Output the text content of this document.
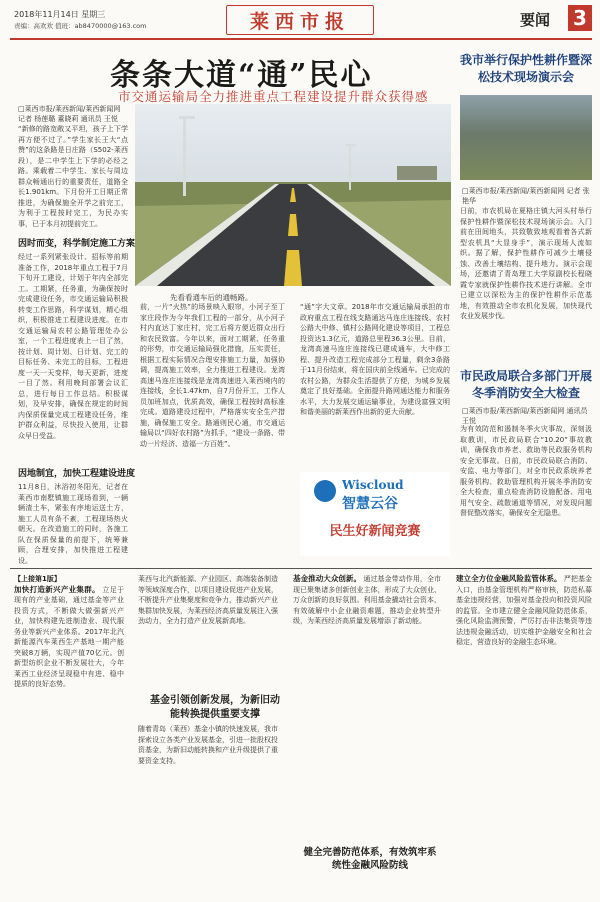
2018年11月14日 星期三
责编：高欢欢 值班：ab8470000@163.com	莱西市报	要闻 3
条条大道“通”民心
市交通运输局全力推进重点工程建设提升群众获得感
□莱西市报/莱西新闻/莱西新闻网 记者 杨莲璐 董晓莉 通讯员 王悦
“新修的路宽敞又平坦，孩子上下学再方便不过了。”学生家长王大“点赞”的这条路是日庄路（S502-莱西段），是二中学生上下学的必经之路。乘载着二中学生、家长与周边群众畅通出行的重要责任，道路全长1.901km。下月份开工日期正常推进，为确保施全开学之前完工，为利于工程按时完工，为民办实事，已于本月初提前完工。
因时而变，科学制定施工方案
经过一系列紧张设计、招标等前期准备工作，2018年重点工程于7月下旬开工建设，计划于年内全部完工。工期紧，任务重，为确保按时完成建设任务，市交通运输局积极转变工作思路，科学谋划，精心组织，积极推进工程建设进度。在市交通运输局农村公路管理处办公室，一个工程进度表上一目了然，按计划、周计划、日计划、完工的目标任务、未完工的目标，工程进度一天一天变样，每天更新，进度一目了然。利用晚间部署会议汇总，进行每日工作总结。积极谋划，及早安排，确保在规定的时间内保质保量完成工程建设任务，维护群众利益，尽快投入使用，让群众早日受益。
因地制宜，加快工程建设进度
11月8日，沐浴初冬阳光，记者在莱西市南墅镇施工现场看到，一辆辆渣土车，紧张有序地运送土方，施工人员有条不紊，工程现场热火朝天。在改造施工的同时，各施工队在保质保量的前提下，统筹兼顾，合理安排，加快推进工程建设。
先看看通车后的通畅路。
前，一片“火热”的场景映入眼帘，小河子至丁家庄段作为今年我们工程的一部分，从小河子村内直达丁家庄村，完工后将方便近群众出行和农民致富。今年以来，面对工期紧、任务重的形势，市交通运输局强化措施，压实责任，根据工程实际情况合理安排施工力量，加强协调，提高施工效率，全力推进工程建设。龙湾高速马连庄连接线是龙湾高速进入莱西境内的连接线，全长1.47km，自7月份开工，工作人员加班加点，优质高效，确保工程按时高标准完成。道路建设过程中，严格落实安全生产措施，确保施工安全。路通则民心通，市交通运输局以“四好农村路”为抓手，“建设一条路、带动一片经济、造福一方百姓”。
“通”字大文章。2018年市交通运输局承担的市政府重点工程在线支路通达马连庄连接线、农村公路大中修、镇村公路网化建设等项目，工程总投资达1.3亿元，道路总里程36.3公里。目前，龙湾高速马连庄连接线已建成通车，大中修工程、提升改造工程完成部分工程量，剩余3条路于11月份结束，将在国庆前全线通车。已完成的农村公路，为群众生活提供了方便，为城乡发展奠定了良好基础。全面提升路网通达能力和服务水平，大力发展交通运输事业，为建设富强文明和谐美丽的新莱西作出新的更大贡献。
Wiscloud
智慧云谷
民生好新闻竞赛
我市举行保护性耕作暨深松技术现场演示会
□莱西市报/莱西新闻/莱西新闻网 记者 张艳华
日前，市农机局在夏格庄镇大河头村举行保护性耕作暨深松技术现场演示会。入门前在田间地头，共致敬致地观看着各式新型农机具“大显身手”，演示现场人流如织。据了解，保护性耕作可减少土壤侵蚀、改善土壤结构、提升地力。演示会现场，还邀请了青岛理工大学原副校长程晓霞专家就保护性耕作技术进行讲解。全市已建立以深松为主的保护性耕作示范基地，有效推动全市农机化发展，加快现代农业发展步伐。
市民政局联合多部门开展冬季消防安全大检查
□莱西市报/莱西新闻/莱西新闻网 通讯员 王悦
为有效防范和遏制冬季火灾事故，深刻汲取教训，市民政局联合“10.20”事故教训，确保我市养老、救助等民政服务机构安全无事故。日前，市民政局联合消防、安监、电力等部门，对全市民政系统养老服务机构、救助管理机构开展冬季消防安全大检查，重点检查消防设施配备、用电用气安全、疏散通道等情况，对发现问题督促整改落实，确保安全无隐患。
【上接第1版】
加快打造新兴产业集群。 立足于现有的产业基础，通过基金等产业投资方式，不断做大做强新兴产业，加快构建先进制造业、现代服务业等新兴产业体系。2017年北汽新能源汽车莱西生产基地一期产能突破8万辆，实现产值70亿元。创新型纺织企业不断发展壮大，今年莱西工业经济呈现稳中有进、稳中提质的良好态势。
莱西与北汽新能源、产业园区、高端装备制造等领域深度合作，以项目建设促进产业发展，不断提升产业集聚度和竞争力，推动新兴产业集群加快发展，为莱西经济高质量发展注入强劲动力，全力打造产业发展新高地。
基金引领创新发展，为新旧动能转换提供重要支撑
随着青岛（莱西）基金小镇的快速发展，我市探索设立各类产业发展基金，引进一批股权投资基金，为新旧动能转换和产业升级提供了重要资金支持。
基金推动大众创新。 通过基金带动作用，全市现已聚集诸多创新创业主体，形成了大众创业、万众创新的良好氛围。利用基金撬动社会资本，有效破解中小企业融资难题，推动企业转型升级，为莱西经济高质量发展增添了新动能。
健全完善防范体系，有效筑牢系统性金融风险防线
建立全方位金融风险监管体系。 严把基金入口，由基金管理机构严格审核，防范私募基金违规经营，加强对基金投向和投资风险的监管。全市建立健全金融风险防范体系，强化风险监测预警，严厉打击非法集资等违法违规金融活动，切实维护金融安全和社会稳定，营造良好的金融生态环境。
